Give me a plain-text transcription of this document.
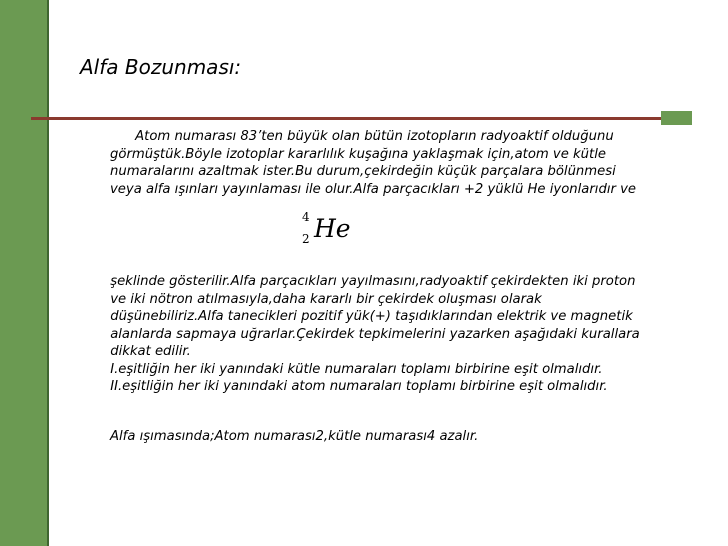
Alfa Bozunması:
Atom numarası 83’ten büyük olan bütün izotopların radyoaktif olduğunu
görmüştük.Böyle izotoplar kararlılık kuşağına yaklaşmak için,atom ve kütle
numaralarını azaltmak ister.Bu durum,çekirdeğin küçük parçalara bölünmesi
veya alfa ışınları yayınlaması ile olur.Alfa parçacıkları +2 yüklü He iyonlarıdır ve
4
2 He
şeklinde gösterilir.Alfa parçacıkları yayılmasını,radyoaktif çekirdekten iki proton
ve iki nötron atılmasıyla,daha kararlı bir çekirdek oluşması olarak
düşünebiliriz.Alfa tanecikleri pozitif yük(+) taşıdıklarından elektrik ve magnetik
alanlarda sapmaya uğrarlar.Çekirdek tepkimelerini yazarken aşağıdaki kurallara
dikkat edilir.
I.eşitliğin her iki yanındaki kütle numaraları toplamı birbirine eşit olmalıdır.
II.eşitliğin her iki yanındaki atom numaraları toplamı birbirine eşit olmalıdır.
Alfa ışımasında;Atom numarası2,kütle numarası4 azalır.
